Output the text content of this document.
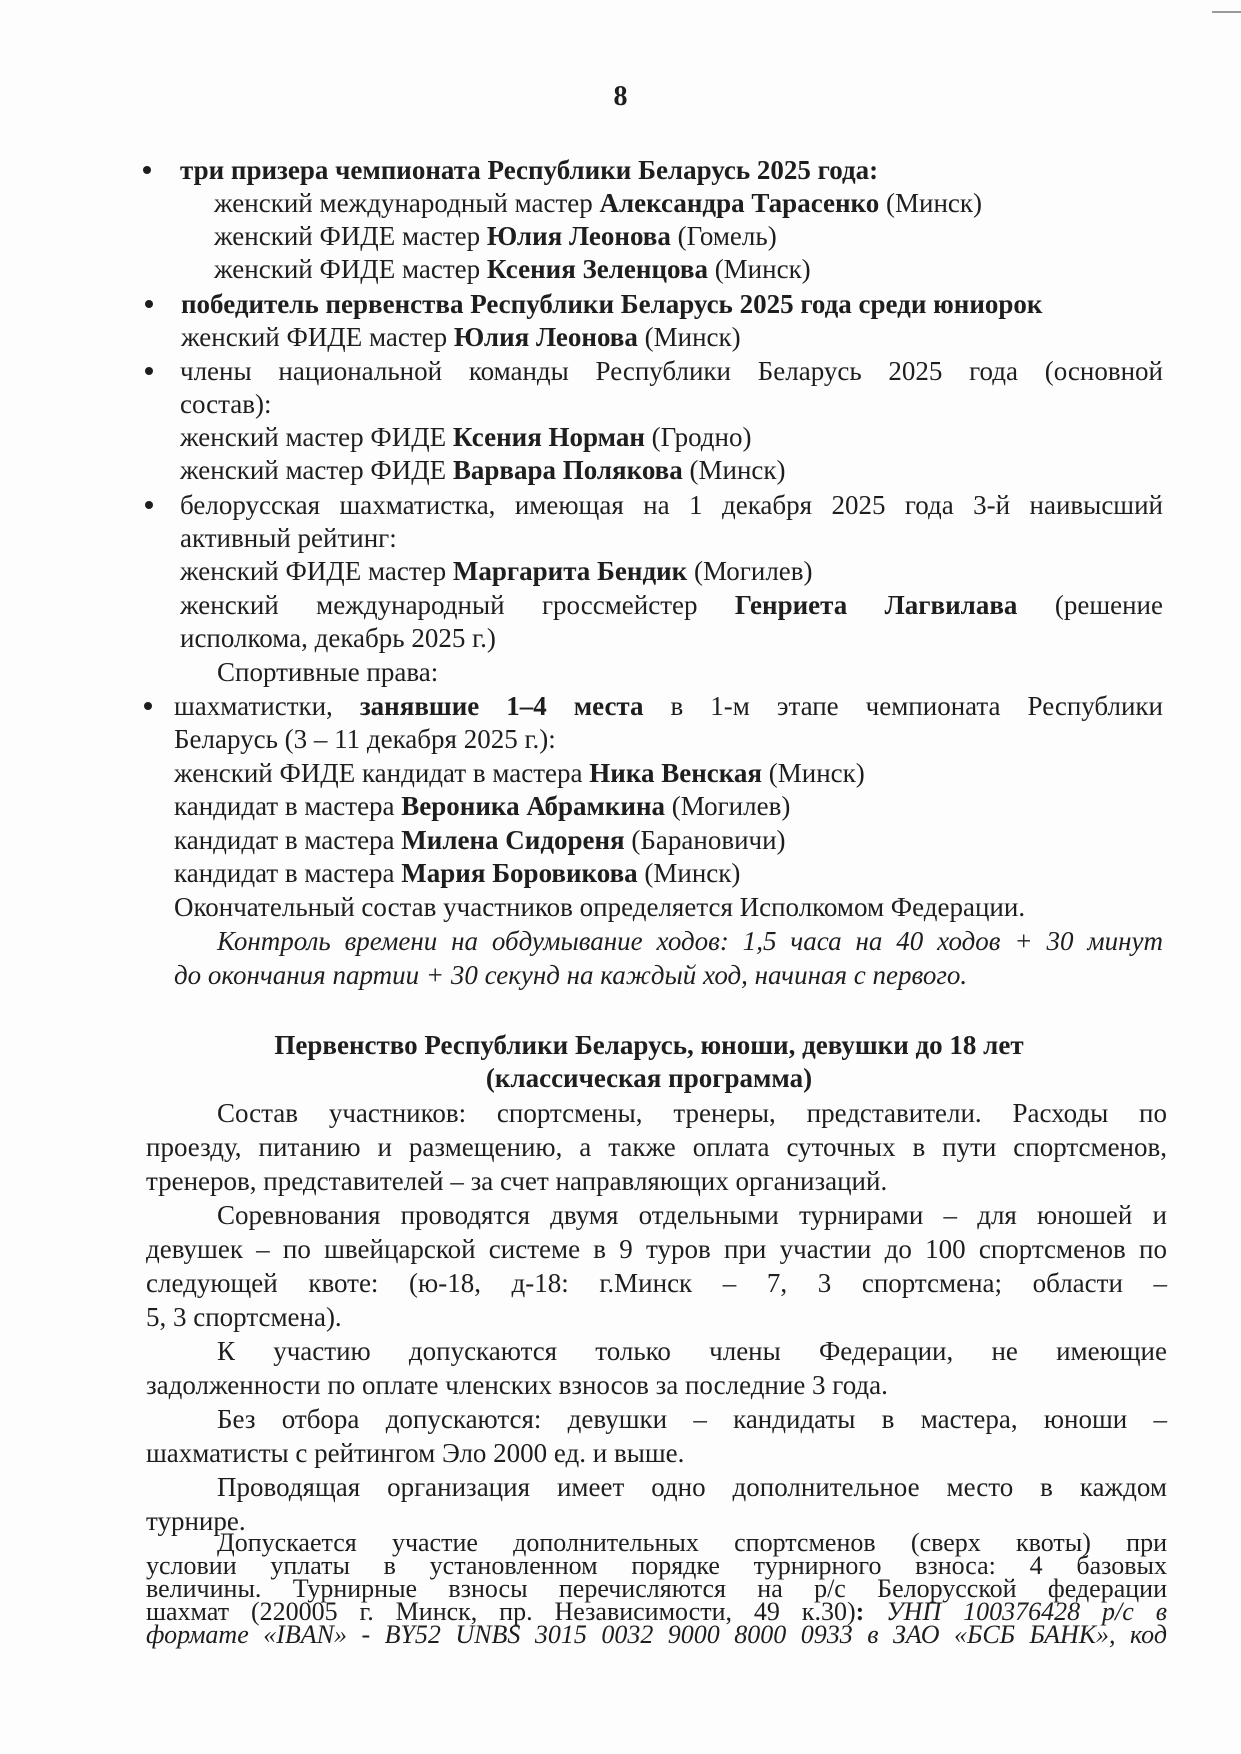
8
три призера чемпионата Республики Беларусь 2025 года:
женский международный мастер Александра Тарасенко (Минск)
женский ФИДЕ мастер Юлия Леонова (Гомель)
женский ФИДЕ мастер Ксения Зеленцова (Минск)
победитель первенства Республики Беларусь 2025 года среди юниорок
женский ФИДЕ мастер Юлия Леонова (Минск)
члены национальной команды Республики Беларусь 2025 года (основной
состав):
женский мастер ФИДЕ Ксения Норман (Гродно)
женский мастер ФИДЕ Варвара Полякова (Минск)
белорусская шахматистка, имеющая на 1 декабря 2025 года 3-й наивысший
активный рейтинг:
женский ФИДЕ мастер Маргарита Бендик (Могилев)
женский международный гроссмейстер Генриета Лагвилава (решение
исполкома, декабрь 2025 г.)
Спортивные права:
шахматистки, занявшие 1–4 места в 1-м этапе чемпионата Республики
Беларусь (3 – 11 декабря 2025 г.):
женский ФИДЕ кандидат в мастера Ника Венская (Минск)
кандидат в мастера Вероника Абрамкина (Могилев)
кандидат в мастера Милена Сидореня (Барановичи)
кандидат в мастера Мария Боровикова (Минск)
Окончательный состав участников определяется Исполкомом Федерации.
Контроль времени на обдумывание ходов: 1,5 часа на 40 ходов + 30 минут
до окончания партии + 30 секунд на каждый ход, начиная с первого.
Первенство Республики Беларусь, юноши, девушки до 18 лет
(классическая программа)
Состав участников: спортсмены, тренеры, представители. Расходы по
проезду, питанию и размещению, а также оплата суточных в пути спортсменов,
тренеров, представителей – за счет направляющих организаций.
Соревнования проводятся двумя отдельными турнирами – для юношей и
девушек – по швейцарской системе в 9 туров при участии до 100 спортсменов по
следующей квоте: (ю-18, д-18: г.Минск – 7, 3 спортсмена; области –
5, 3 спортсмена).
К участию допускаются только члены Федерации, не имеющие
задолженности по оплате членских взносов за последние 3 года.
Без отбора допускаются: девушки – кандидаты в мастера, юноши –
шахматисты с рейтингом Эло 2000 ед. и выше.
Проводящая организация имеет одно дополнительное место в каждом
турнире.
Допускается участие дополнительных спортсменов (сверх квоты) при
условии уплаты в установленном порядке турнирного взноса: 4 базовых
величины. Турнирные взносы перечисляются на р/с Белорусской федерации
шахмат (220005 г. Минск, пр. Независимости, 49 к.30): УНП 100376428 р/с в
формате «IBAN» - BY52 UNBS 3015 0032 9000 8000 0933 в ЗАО «БСБ БАНК», код
